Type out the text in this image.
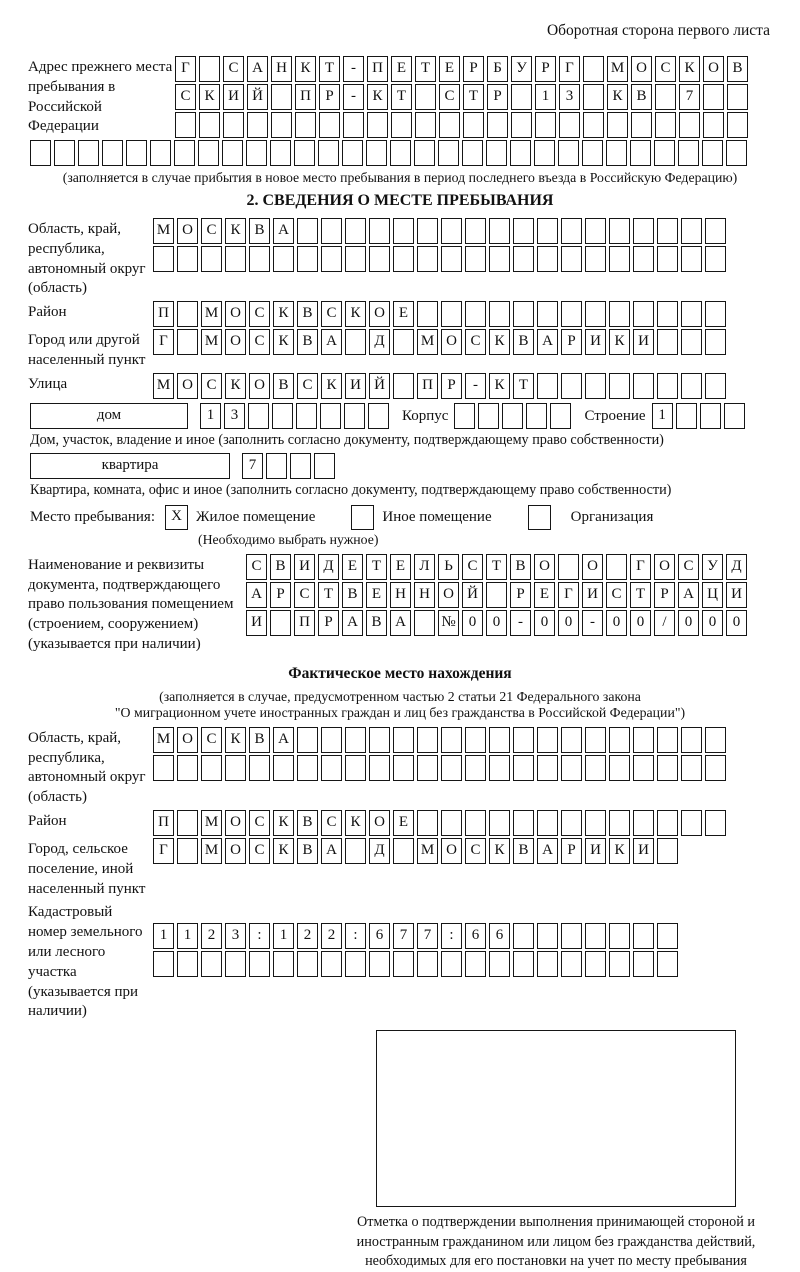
Оборотная сторона первого листа
Адрес прежнего места пребывания в Российской Федерации
Г	С А Н К Т	-	П Е Т Е	Р	Б У Р	Г	М О С К О В
С К И Й	П Р	-	К Т	С Т	Р	1	3	К В	7
(заполняется в случае прибытия в новое место пребывания в период последнего въезда в Российскую Федерацию)
2. СВЕДЕНИЯ О МЕСТЕ ПРЕБЫВАНИЯ
Область, край, республика, автономный округ (область)
М О С К В А
Район	П	М О С К В С К О Е
Город или другой населенный пункт
Г	М О С К В А	Д	М О С К В А Р И К И
Улица	М О С К О В С К И Й	П Р	-	К Т
дом	1	3	Корпус	Строение 1
Дом, участок, владение и иное (заполнить согласно документу, подтверждающему право собственности)
квартира	7
Квартира, комната, офис и иное (заполнить согласно документу, подтверждающему право собственности)
Место пребывания:	X Жилое помещение	Иное помещение	Организация
(Необходимо выбрать нужное)
Наименование и реквизиты документа, подтверждающего право пользования помещением (строением, сооружением) (указывается при наличии)
С В И Д Е Т Е Л Ь С Т В О	О	Г О С У Д
А Р С Т В Е Н Н О Й	Р	Е	Г И С Т	Р А Ц И
И	П Р А В А	№ 0	0	-	0	0	-	0	0	/	0	0	0
Фактическое место нахождения
(заполняется в случае, предусмотренном частью 2 статьи 21 Федерального закона
"О миграционном учете иностранных граждан и лиц без гражданства в Российской Федерации")
Область, край, республика, автономный округ (область)
М О С К В А
Район	П	М О С К В С К О Е
Город, сельское поселение, иной населенный пункт
Г	М О С К В А	Д	М О С К В А Р И К И
Кадастровый номер земельного или лесного участка (указывается при наличии)
1	1	2	3	:	1	2	2	:	6	7	7	:	6	6
Отметка о подтверждении выполнения принимающей стороной и иностранным гражданином или лицом без гражданства действий, необходимых для его постановки на учет по месту пребывания
